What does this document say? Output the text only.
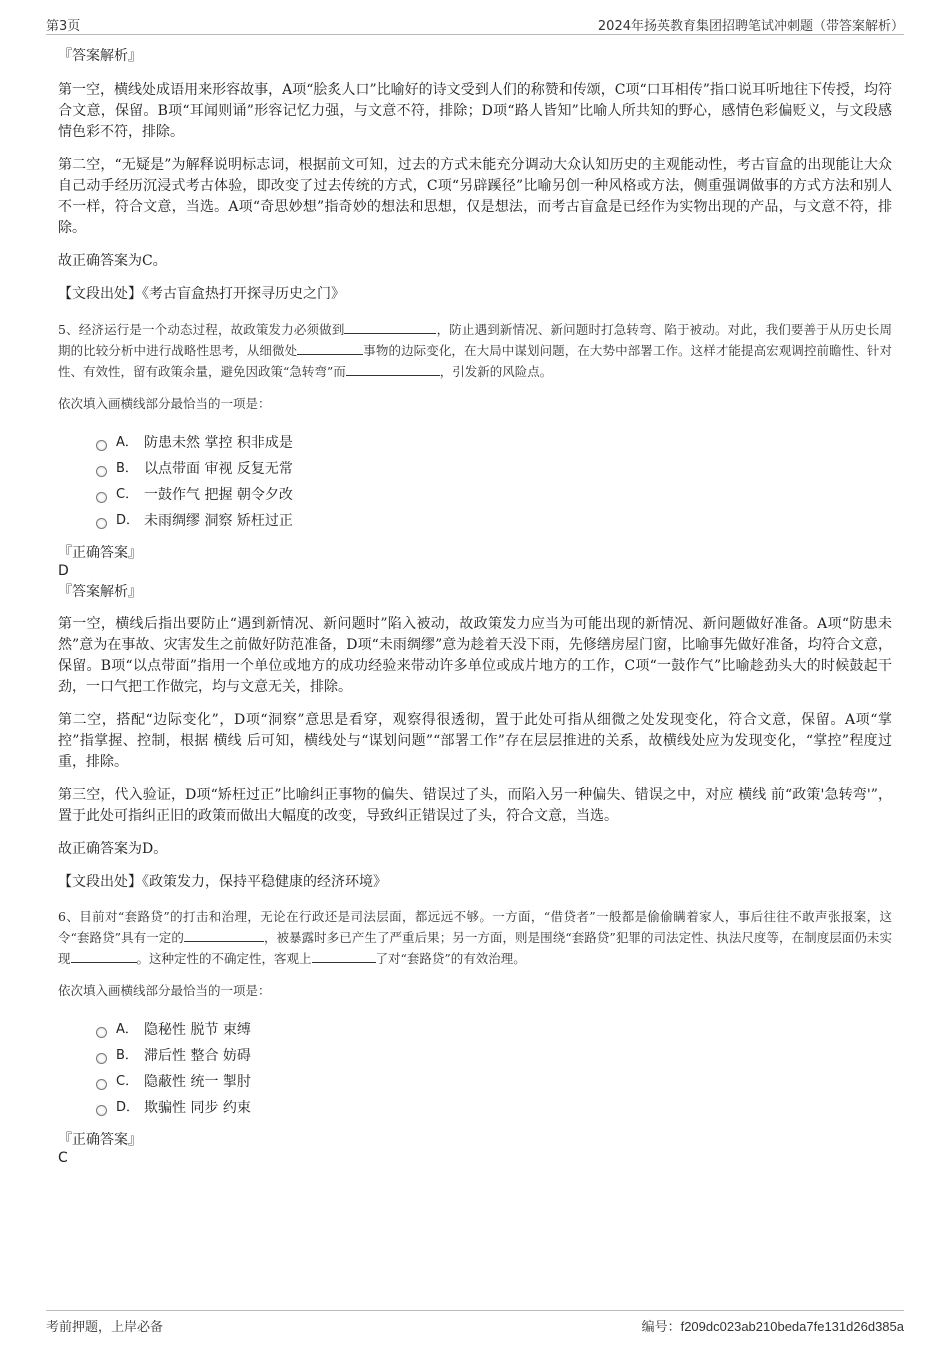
第3页	2024年扬英教育集团招聘笔试冲刺题（带答案解析）
『答案解析』

第一空，横线处成语用来形容故事，A项“脍炙人口”比喻好的诗文受到人们的称赞和传颂，C项“口耳相传”指口说耳听地往下传授，均符合文意，保留。B项“耳闻则诵”形容记忆力强，与文意不符，排除；D项“路人皆知”比喻人所共知的野心，感情色彩偏贬义，与文段感情色彩不符，排除。

第二空，“无疑是”为解释说明标志词，根据前文可知，过去的方式未能充分调动大众认知历史的主观能动性，考古盲盒的出现能让大众自己动手经历沉浸式考古体验，即改变了过去传统的方式，C项“另辟蹊径”比喻另创一种风格或方法，侧重强调做事的方式方法和别人不一样，符合文意，当选。A项“奇思妙想”指奇妙的想法和思想，仅是想法，而考古盲盒是已经作为实物出现的产品，与文意不符，排除。

故正确答案为C。

【文段出处】《考古盲盒热打开探寻历史之门》

5、经济运行是一个动态过程，故政策发力必须做到	，防止遇到新情况、新问题时打急转弯、陷于被动。对此，我们要善于从历史长周期的比较分析中进行战略性思考，从细微处	事物的边际变化，在大局中谋划问题，在大势中部署工作。这样才能提高宏观调控前瞻性、针对性、有效性，留有政策余量，避免因政策“急转弯”而	，引发新的风险点。

依次填入画横线部分最恰当的一项是：

A． 防患未然 掌控 积非成是
B． 以点带面 审视 反复无常
C． 一鼓作气 把握 朝令夕改
D． 未雨绸缪 洞察 矫枉过正

『正确答案』

D

『答案解析』

第一空，横线后指出要防止“遇到新情况、新问题时”陷入被动，故政策发力应当为可能出现的新情况、新问题做好准备。A项“防患未然”意为在事故、灾害发生之前做好防范准备，D项“未雨绸缪”意为趁着天没下雨，先修缮房屋门窗，比喻事先做好准备，均符合文意，保留。B项“以点带面”指用一个单位或地方的成功经验来带动许多单位或成片地方的工作，C项“一鼓作气”比喻趁劲头大的时候鼓起干劲，一口气把工作做完，均与文意无关，排除。

第二空，搭配“边际变化”，D项“洞察”意思是看穿，观察得很透彻，置于此处可指从细微之处发现变化，符合文意，保留。A项“掌控”指掌握、控制，根据 横线 后可知，横线处与“谋划问题”“部署工作”存在层层推进的关系，故横线处应为发现变化，“掌控”程度过重，排除。

第三空，代入验证，D项“矫枉过正”比喻纠正事物的偏失、错误过了头，而陷入另一种偏失、错误之中，对应 横线 前“政策'急转弯'”，置于此处可指纠正旧的政策而做出大幅度的改变，导致纠正错误过了头，符合文意，当选。

故正确答案为D。

【文段出处】《政策发力，保持平稳健康的经济环境》

6、目前对“套路贷”的打击和治理，无论在行政还是司法层面，都远远不够。一方面，“借贷者”一般都是偷偷瞒着家人，事后往往不敢声张报案，这令“套路贷”具有一定的	，被暴露时多已产生了严重后果；另一方面，则是围绕“套路贷”犯罪的司法定性、执法尺度等，在制度层面仍未实现	。这种定性的不确定性，客观上	了对“套路贷”的有效治理。

依次填入画横线部分最恰当的一项是：

A． 隐秘性 脱节 束缚
B． 滞后性 整合 妨碍
C． 隐蔽性 统一 掣肘
D． 欺骗性 同步 约束

『正确答案』

C

考前押题，上岸必备	编号：f209dc023ab210beda7fe131d26d385a
